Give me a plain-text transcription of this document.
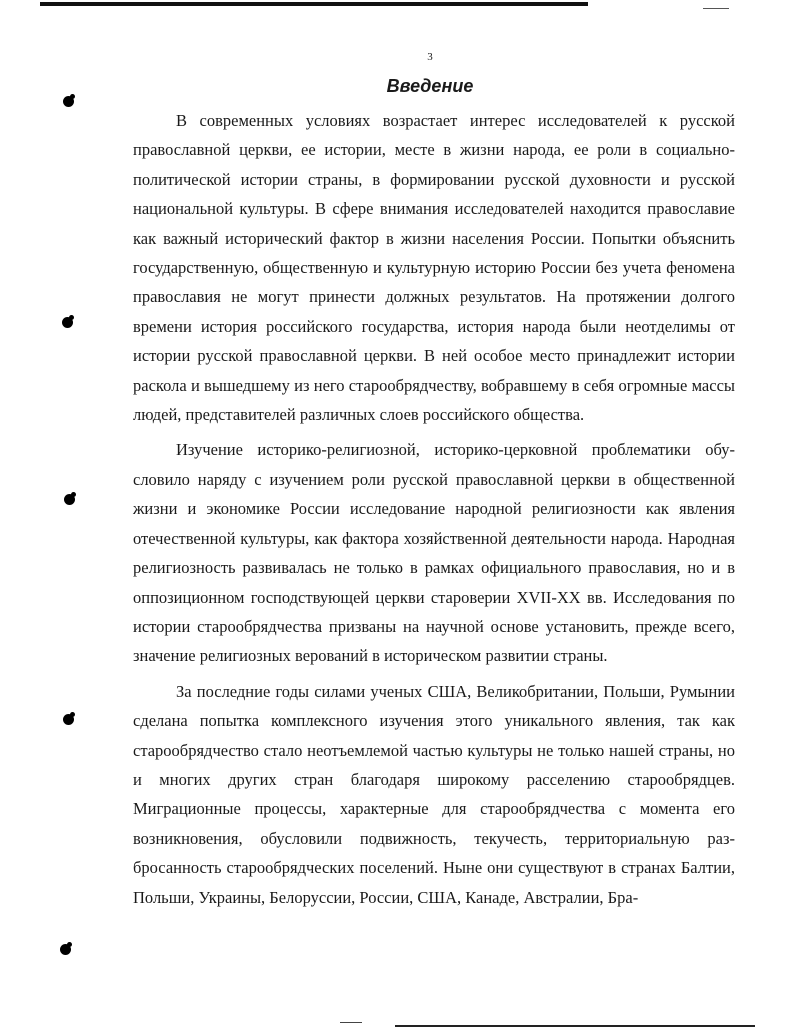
3
Введение

В современных условиях возрастает интерес исследователей к русской православной церкви, ее истории, месте в жизни народа, ее роли в социально-политической истории страны, в формировании русской духовности и русской национальной культуры. В сфере внимания исследователей находится православие как важный исторический фактор в жизни населения России. Попытки объяснить государственную, общественную и культурную историю России без учета феномена православия не могут принести должных результатов. На протяжении долгого времени история российского государства, история народа были неотделимы от истории русской православной церкви. В ней особое место принадлежит истории раскола и вышедшему из него старообрядчеству, вобравшему в себя огромные массы людей, представителей различных слоев российского общества.

Изучение историко-религиозной, историко-церковной проблематики обусловило наряду с изучением роли русской православной церкви в общественной жизни и экономике России исследование народной религиозности как явления отечественной культуры, как фактора хозяйственной деятельности народа. Народная религиозность развивалась не только в рамках официального православия, но и в оппозиционном господствующей церкви староверии XVII-XX вв. Исследования по истории старообрядчества призваны на научной основе установить, прежде всего, значение религиозных верований в историческом развитии страны.

За последние годы силами ученых США, Великобритании, Польши, Румынии сделана попытка комплексного изучения этого уникального явления, так как старообрядчество стало неотъемлемой частью культуры не только нашей страны, но и многих других стран благодаря широкому расселению старообрядцев. Миграционные процессы, характерные для старообрядчества с момента его возникновения, обусловили подвижность, текучесть, территориальную разбросанность старообрядческих поселений. Ныне они существуют в странах Балтии, Польши, Украины, Белоруссии, России, США, Канаде, Австралии, Бра-
